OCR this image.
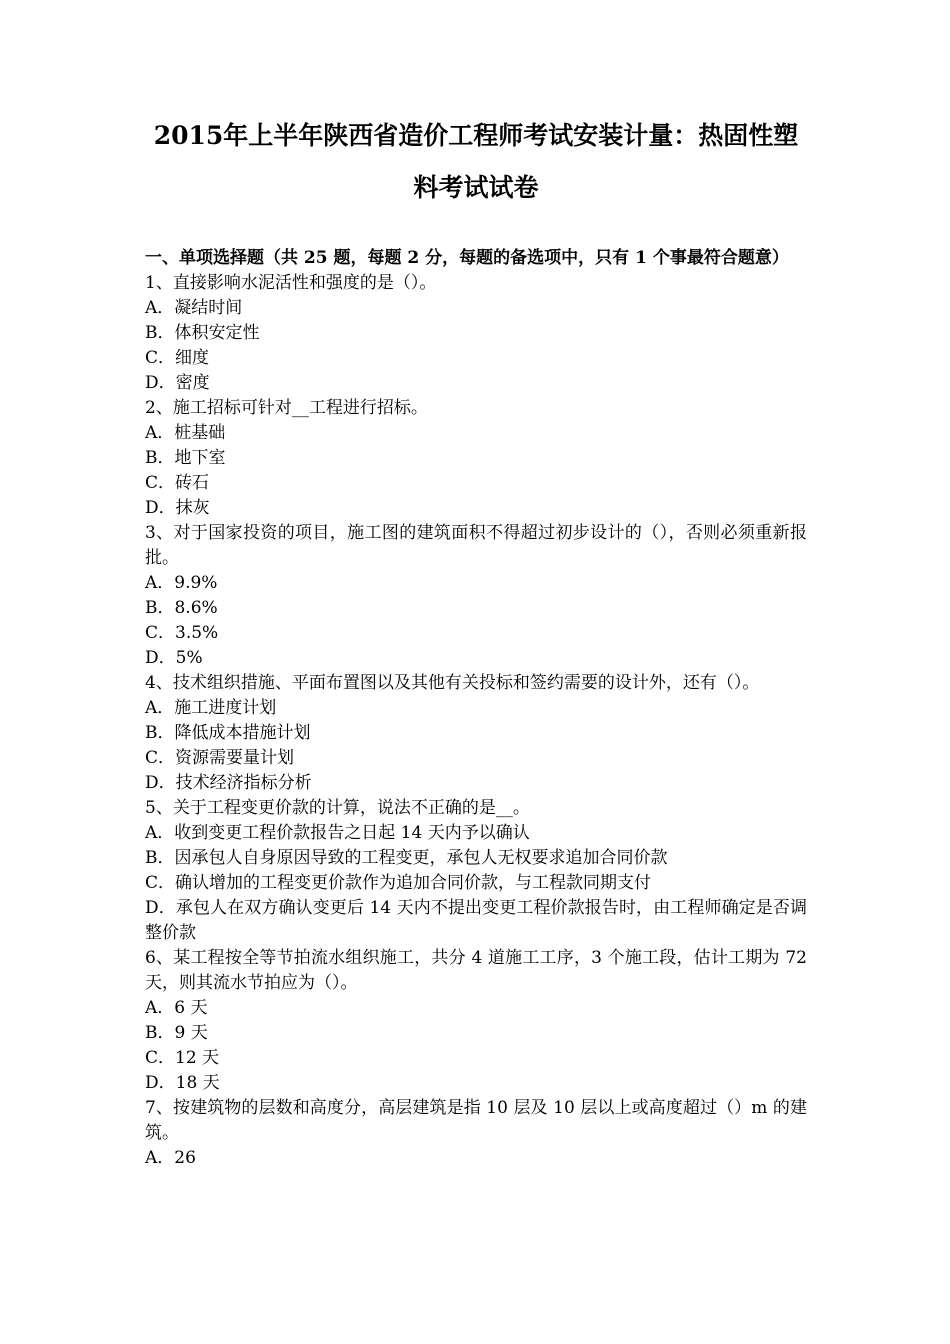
2015年上半年陕西省造价工程师考试安装计量：热固性塑
料考试试卷
一、单项选择题（共 25 题，每题 2 分，每题的备选项中，只有 1 个事最符合题意）
1、直接影响水泥活性和强度的是（）。
A．凝结时间
B．体积安定性
C．细度
D．密度
2、施工招标可针对__工程进行招标。
A．桩基础
B．地下室
C．砖石
D．抹灰
3、对于国家投资的项目，施工图的建筑面积不得超过初步设计的（），否则必须重新报批。
A．9.9%
B．8.6%
C．3.5%
D．5%
4、技术组织措施、平面布置图以及其他有关投标和签约需要的设计外，还有（）。
A．施工进度计划
B．降低成本措施计划
C．资源需要量计划
D．技术经济指标分析
5、关于工程变更价款的计算，说法不正确的是__。
A．收到变更工程价款报告之日起 14 天内予以确认
B．因承包人自身原因导致的工程变更，承包人无权要求追加合同价款
C．确认增加的工程变更价款作为追加合同价款，与工程款同期支付
D．承包人在双方确认变更后 14 天内不提出变更工程价款报告时，由工程师确定是否调整价款
6、某工程按全等节拍流水组织施工，共分 4 道施工工序，3 个施工段，估计工期为 72 天，则其流水节拍应为（）。
A．6 天
B．9 天
C．12 天
D．18 天
7、按建筑物的层数和高度分，高层建筑是指 10 层及 10 层以上或高度超过（）m 的建筑。
A．26
